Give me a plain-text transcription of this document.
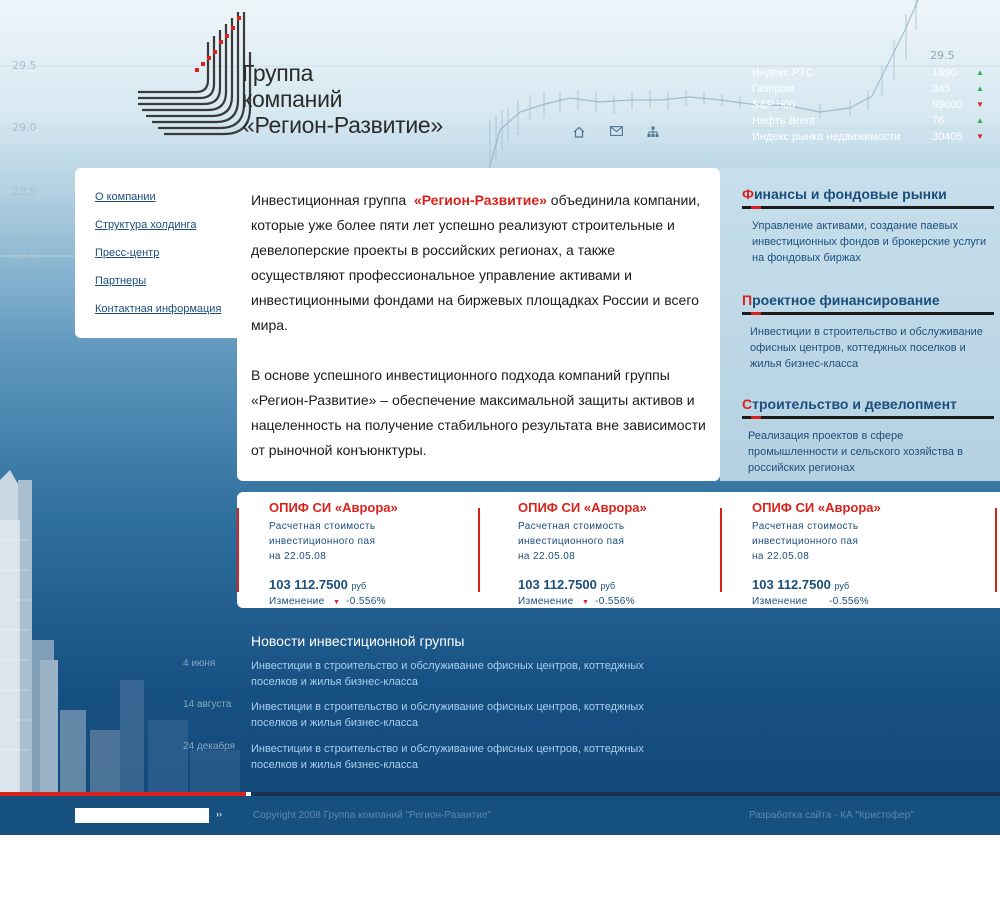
29.5
29.0
28.5
28.0
29.5
Группа
компаний
«Регион-Развитие»
Индекс РТС	1890	▲
Газпром	345	▲
S&P 500	99000	▼
Нефть Brent	76	▲
Индекс рынка недвижимости	30405	▼
О компании
Структура холдинга
Пресс-центр
Партнеры
Контактная информация

Инвестиционная группа «Регион-Развитие» объединила компании, которые уже более пяти лет успешно реализуют строительные и девелоперские проекты в российских регионах, а также осуществляют профессиональное управление активами и инвестиционными фондами на биржевых площадках России и всего мира.

В основе успешного инвестиционного подхода компаний группы «Регион-Развитие» – обеспечение максимальной защиты активов и нацеленность на получение стабильного результата вне зависимости от рыночной конъюнктуры.

Финансы и фондовые рынки
Управление активами, создание паевых инвестиционных фондов и брокерские услуги на фондовых биржах
Проектное финансирование
Инвестиции в строительство и обслуживание офисных центров, коттеджных поселков и жилья бизнес-класса
Строительство и девелопмент
Реализация проектов в сфере промышленности и сельского хозяйства в российских регионах
ОПИФ СИ «Аврора»
Расчетная стоимость
инвестиционного пая
на 22.05.08
103 112.7500 руб
Изменение ▼ -0.556%
ОПИФ СИ «Аврора»
Расчетная стоимость
инвестиционного пая
на 22.05.08
103 112.7500 руб
Изменение ▼ -0.556%
ОПИФ СИ «Аврора»
Расчетная стоимость
инвестиционного пая
на 22.05.08
103 112.7500 руб
Изменение -0.556%
Новости инвестиционной группы
4 июня	Инвестиции в строительство и обслуживание офисных центров, коттеджных поселков и жилья бизнес-класса
14 августа Инвестиции в строительство и обслуживание офисных центров, коттеджных поселков и жилья бизнес-класса
24 декабря Инвестиции в строительство и обслуживание офисных центров, коттеджных поселков и жилья бизнес-класса
››	Copyright 2008 Группа компаний "Регион-Развитие"	Разработка сайта - КА "Кристофер"
